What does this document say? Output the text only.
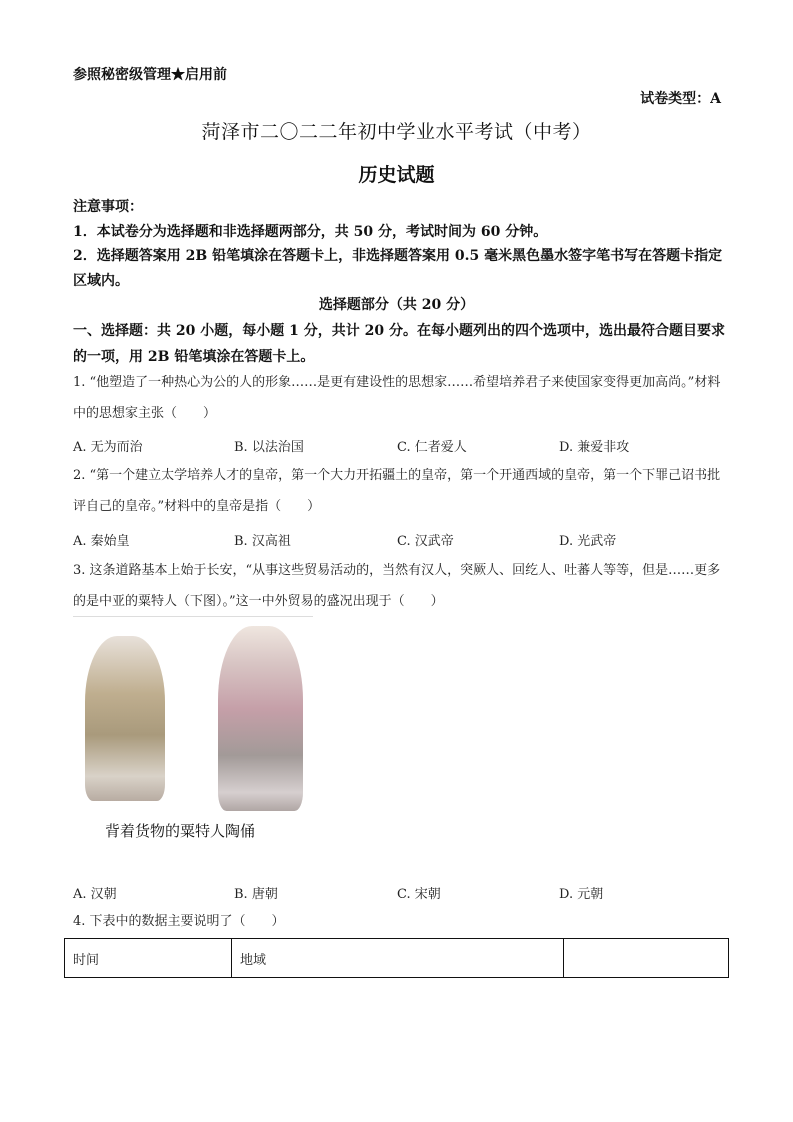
参照秘密级管理★启用前
试卷类型：A
菏泽市二〇二二年初中学业水平考试（中考）
历史试题
注意事项：
1．本试卷分为选择题和非选择题两部分，共 50 分，考试时间为 60 分钟。
2．选择题答案用 2B 铅笔填涂在答题卡上，非选择题答案用 0.5 毫米黑色墨水签字笔书写在答题卡指定区域内。
选择题部分（共 20 分）
一、选择题：共 20 小题，每小题 1 分，共计 20 分。在每小题列出的四个选项中，选出最符合题目要求的一项，用 2B 铅笔填涂在答题卡上。
1. “他塑造了一种热心为公的人的形象……是更有建设性的思想家……希望培养君子来使国家变得更加高尚。”材料中的思想家主张（　　）
A. 无为而治	B. 以法治国	C. 仁者爱人	D. 兼爱非攻
2. “第一个建立太学培养人才的皇帝，第一个大力开拓疆土的皇帝，第一个开通西域的皇帝，第一个下罪己诏书批评自己的皇帝。”材料中的皇帝是指（　　）
A. 秦始皇	B. 汉高祖	C. 汉武帝	D. 光武帝
3. 这条道路基本上始于长安，“从事这些贸易活动的，当然有汉人，突厥人、回纥人、吐蕃人等等，但是……更多的是中亚的粟特人（下图）。”这一中外贸易的盛况出现于（　　）
背着货物的粟特人陶俑
A. 汉朝	B. 唐朝	C. 宋朝	D. 元朝
4. 下表中的数据主要说明了（　　）
时间	地域	
